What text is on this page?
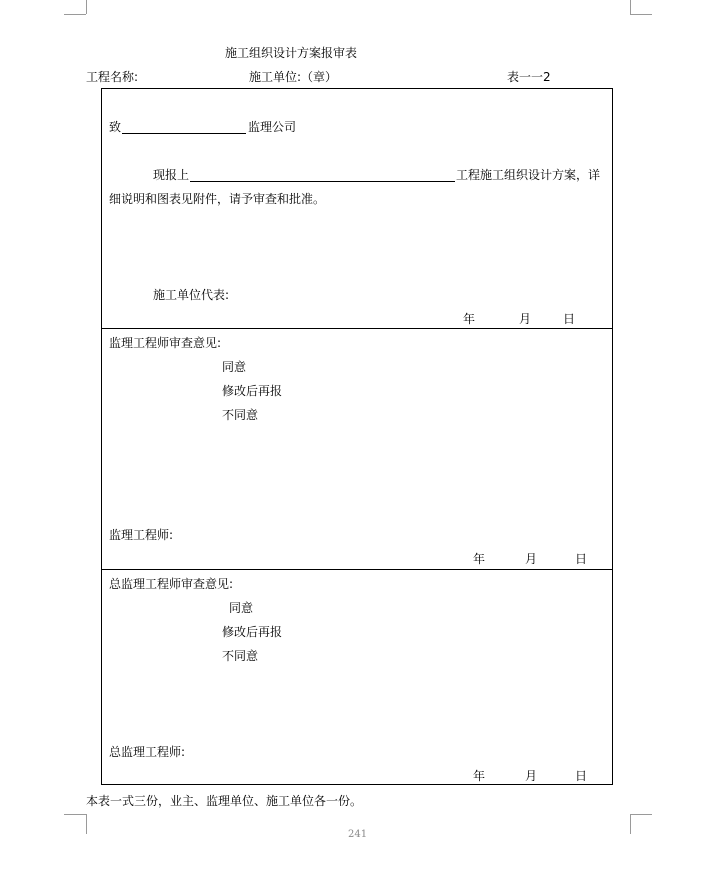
施工组织设计方案报审表
工程名称:	施工单位:（章）	表一一2
致	监理公司
现报上	工程施工组织设计方案，详
细说明和图表见附件，请予审查和批准。
施工单位代表:
年	月	日
监理工程师审查意见:
同意
修改后再报
不同意
监理工程师:
年	月	日
总监理工程师审查意见:
同意
修改后再报
不同意
总监理工程师:
年	月	日
本表一式三份，业主、监理单位、施工单位各一份。
241
